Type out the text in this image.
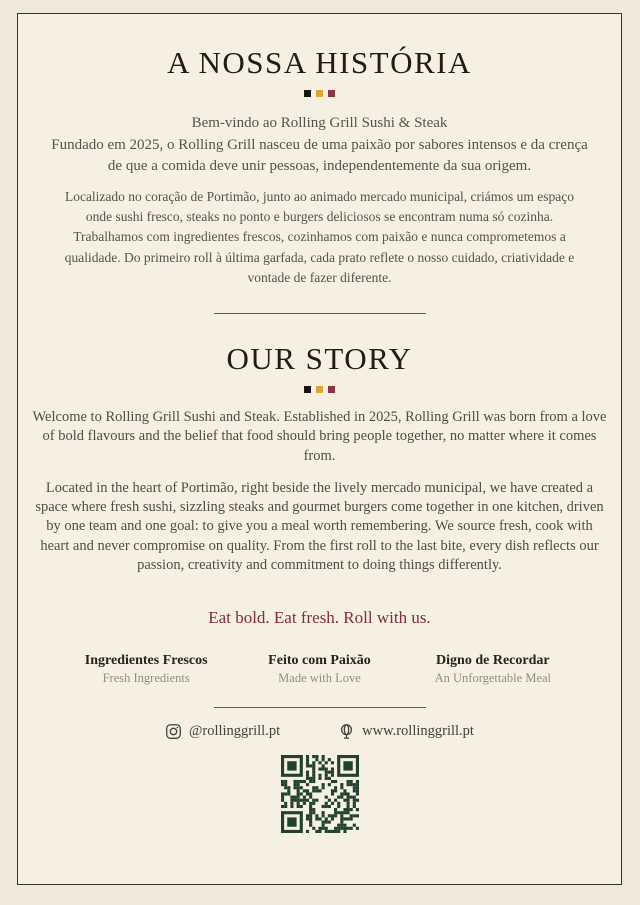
A NOSSA HISTÓRIA
Bem-vindo ao Rolling Grill Sushi & Steak
Fundado em 2025, o Rolling Grill nasceu de uma paixão por sabores intensos e da crença de que a comida deve unir pessoas, independentemente da sua origem.

Localizado no coração de Portimão, junto ao animado mercado municipal, criámos um espaço onde sushi fresco, steaks no ponto e burgers deliciosos se encontram numa só cozinha. Trabalhamos com ingredientes frescos, cozinhamos com paixão e nunca comprometemos a qualidade. Do primeiro roll à última garfada, cada prato reflete o nosso cuidado, criatividade e vontade de fazer diferente.

OUR STORY

Welcome to Rolling Grill Sushi and Steak. Established in 2025, Rolling Grill was born from a love of bold flavours and the belief that food should bring people together, no matter where it comes from.

Located in the heart of Portimão, right beside the lively mercado municipal, we have created a space where fresh sushi, sizzling steaks and gourmet burgers come together in one kitchen, driven by one team and one goal: to give you a meal worth remembering. We source fresh, cook with heart and never compromise on quality. From the first roll to the last bite, every dish reflects our passion, creativity and commitment to doing things differently.

Eat bold. Eat fresh. Roll with us.
Ingredientes Frescos
Fresh Ingredients
Feito com Paixão
Made with Love
Digno de Recordar
An Unforgettable Meal
@rollinggrill.pt	www.rollinggrill.pt
